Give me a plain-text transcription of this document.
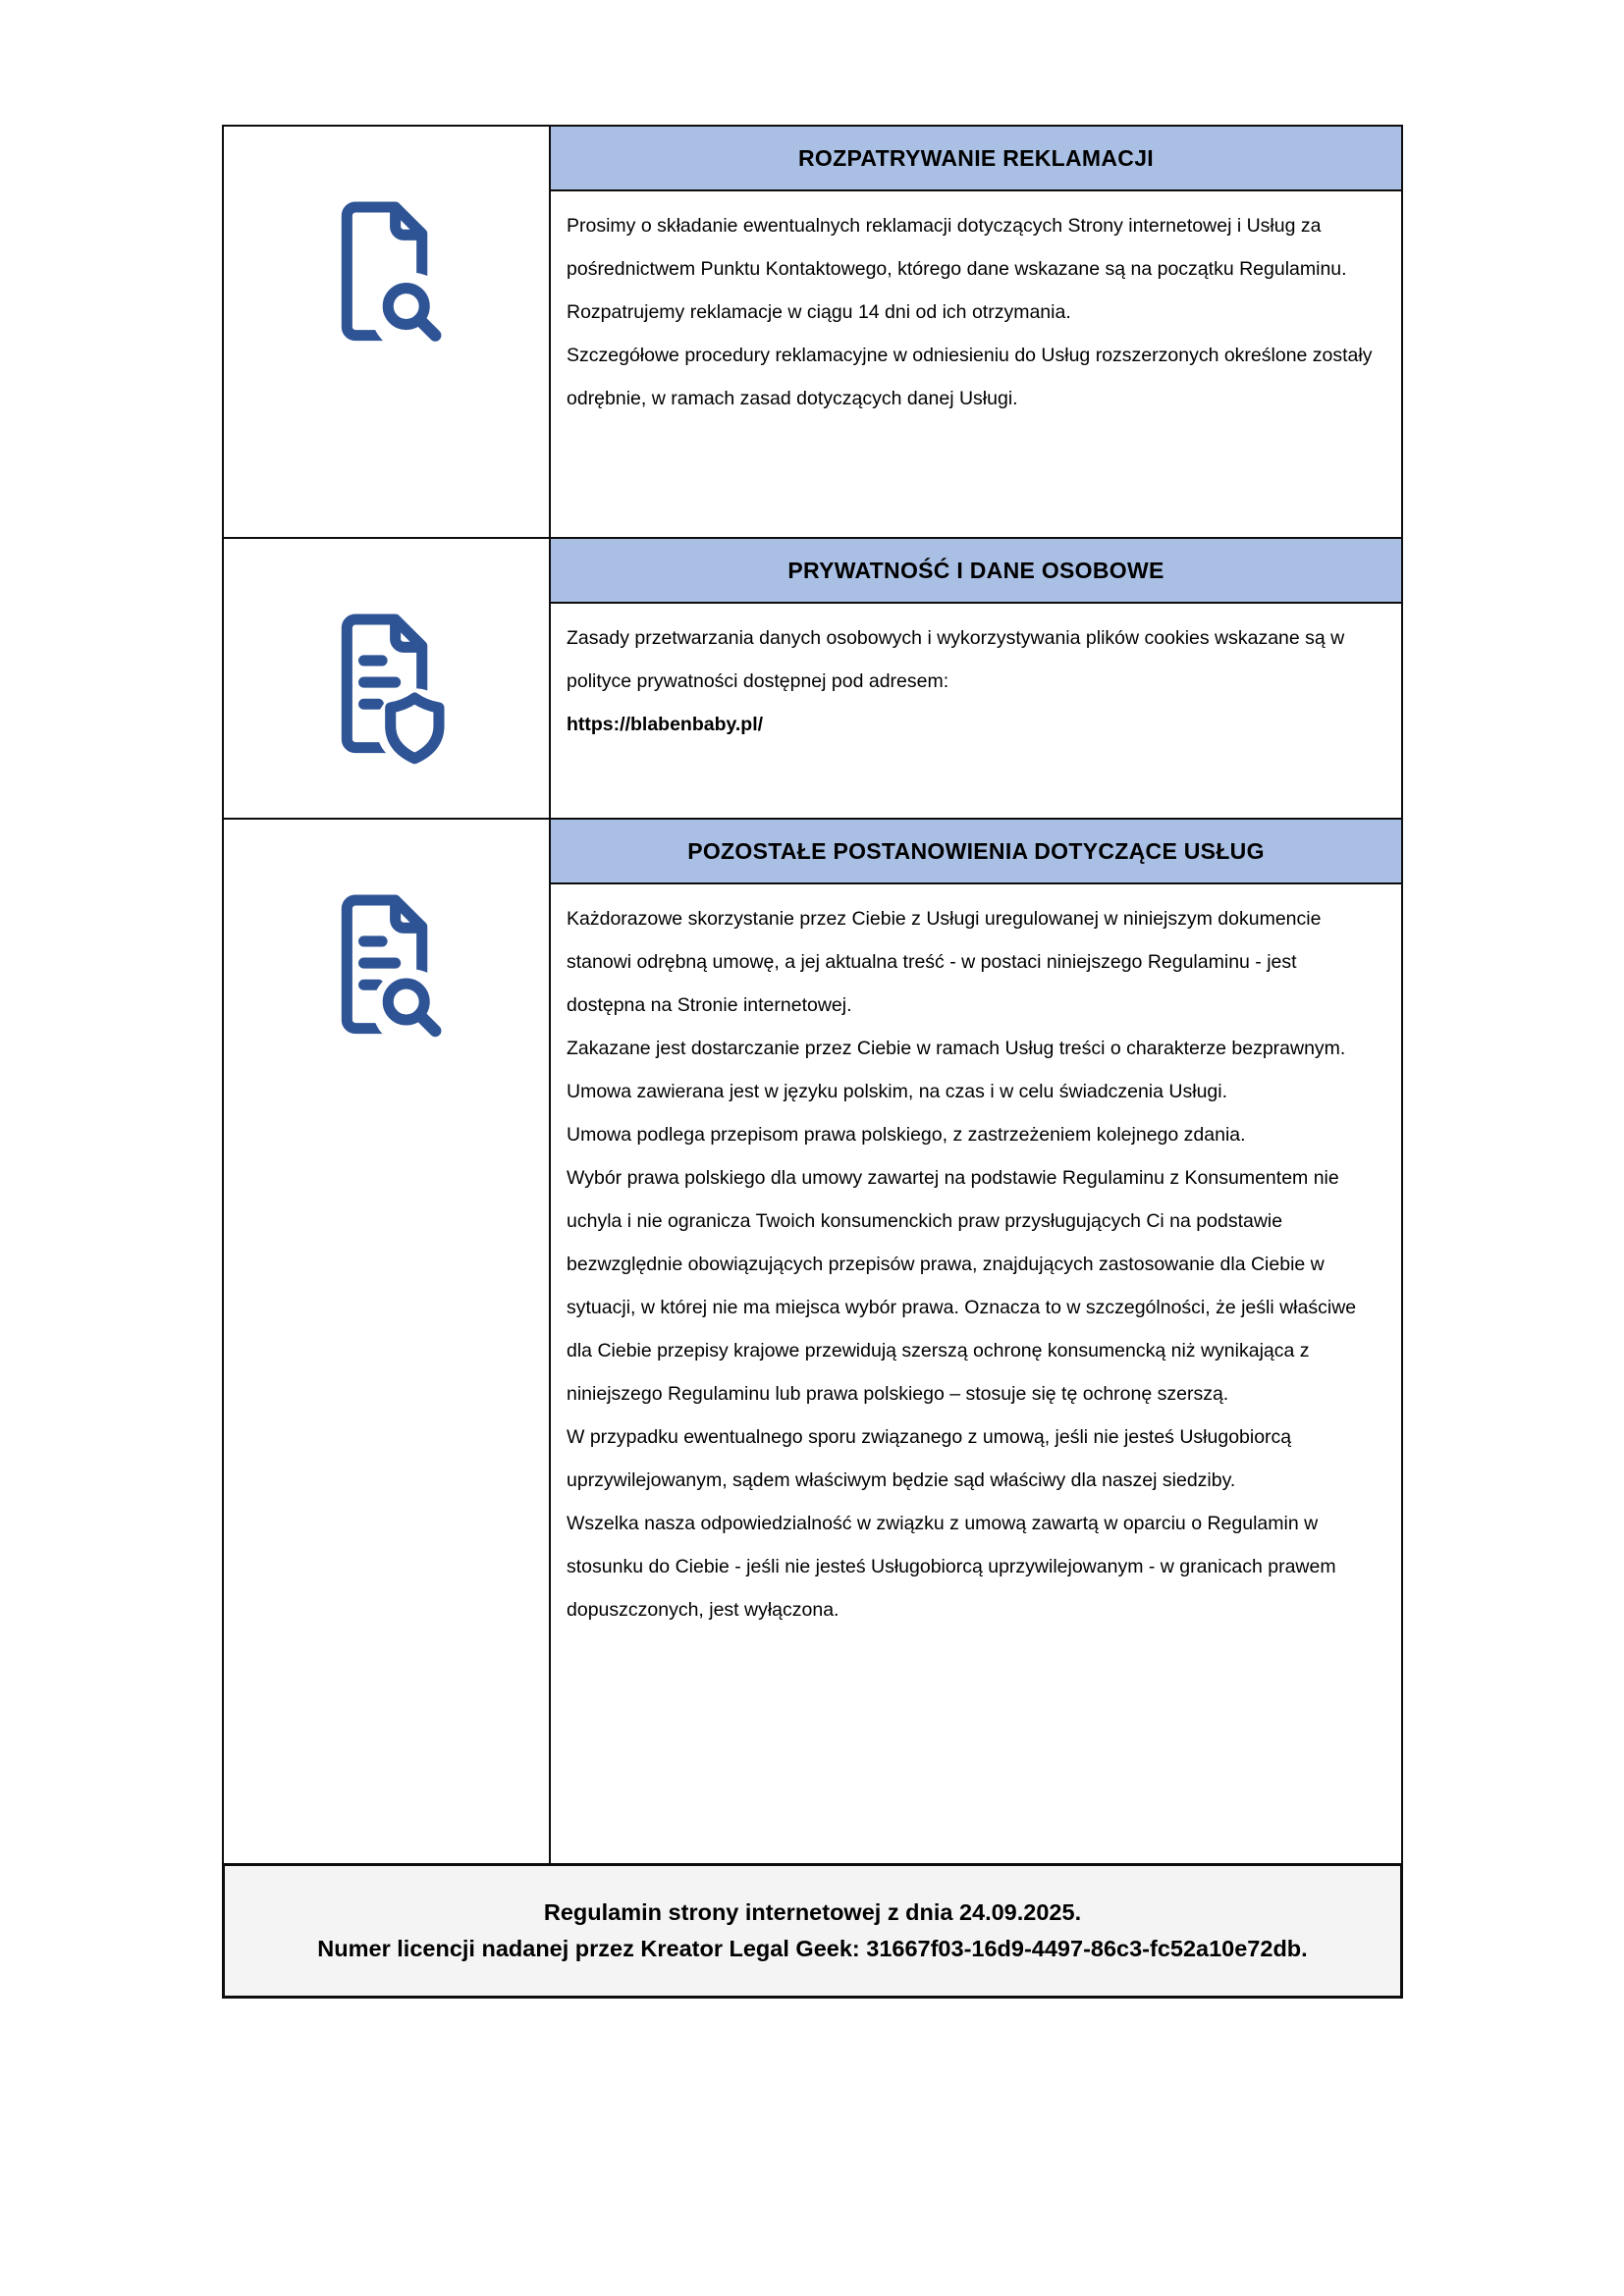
ROZPATRYWANIE REKLAMACJI

Prosimy o składanie ewentualnych reklamacji dotyczących Strony internetowej i Usług za pośrednictwem Punktu Kontaktowego, którego dane wskazane są na początku Regulaminu.

Rozpatrujemy reklamacje w ciągu 14 dni od ich otrzymania.

Szczegółowe procedury reklamacyjne w odniesieniu do Usług rozszerzonych określone zostały odrębnie, w ramach zasad dotyczących danej Usługi.

PRYWATNOŚĆ I DANE OSOBOWE

Zasady przetwarzania danych osobowych i wykorzystywania plików cookies wskazane są w polityce prywatności dostępnej pod adresem:

https://blabenbaby.pl/

POZOSTAŁE POSTANOWIENIA DOTYCZĄCE USŁUG

Każdorazowe skorzystanie przez Ciebie z Usługi uregulowanej w niniejszym dokumencie stanowi odrębną umowę, a jej aktualna treść - w postaci niniejszego Regulaminu - jest dostępna na Stronie internetowej.

Zakazane jest dostarczanie przez Ciebie w ramach Usług treści o charakterze bezprawnym.

Umowa zawierana jest w języku polskim, na czas i w celu świadczenia Usługi.

Umowa podlega przepisom prawa polskiego, z zastrzeżeniem kolejnego zdania.

Wybór prawa polskiego dla umowy zawartej na podstawie Regulaminu z Konsumentem nie uchyla i nie ogranicza Twoich konsumenckich praw przysługujących Ci na podstawie bezwzględnie obowiązujących przepisów prawa, znajdujących zastosowanie dla Ciebie w sytuacji, w której nie ma miejsca wybór prawa. Oznacza to w szczególności, że jeśli właściwe dla Ciebie przepisy krajowe przewidują szerszą ochronę konsumencką niż wynikająca z niniejszego Regulaminu lub prawa polskiego – stosuje się tę ochronę szerszą.

W przypadku ewentualnego sporu związanego z umową, jeśli nie jesteś Usługobiorcą uprzywilejowanym, sądem właściwym będzie sąd właściwy dla naszej siedziby.

Wszelka nasza odpowiedzialność w związku z umową zawartą w oparciu o Regulamin w stosunku do Ciebie - jeśli nie jesteś Usługobiorcą uprzywilejowanym - w granicach prawem dopuszczonych, jest wyłączona.

Regulamin strony internetowej z dnia 24.09.2025.

Numer licencji nadanej przez Kreator Legal Geek: 31667f03-16d9-4497-86c3-fc52a10e72db.
